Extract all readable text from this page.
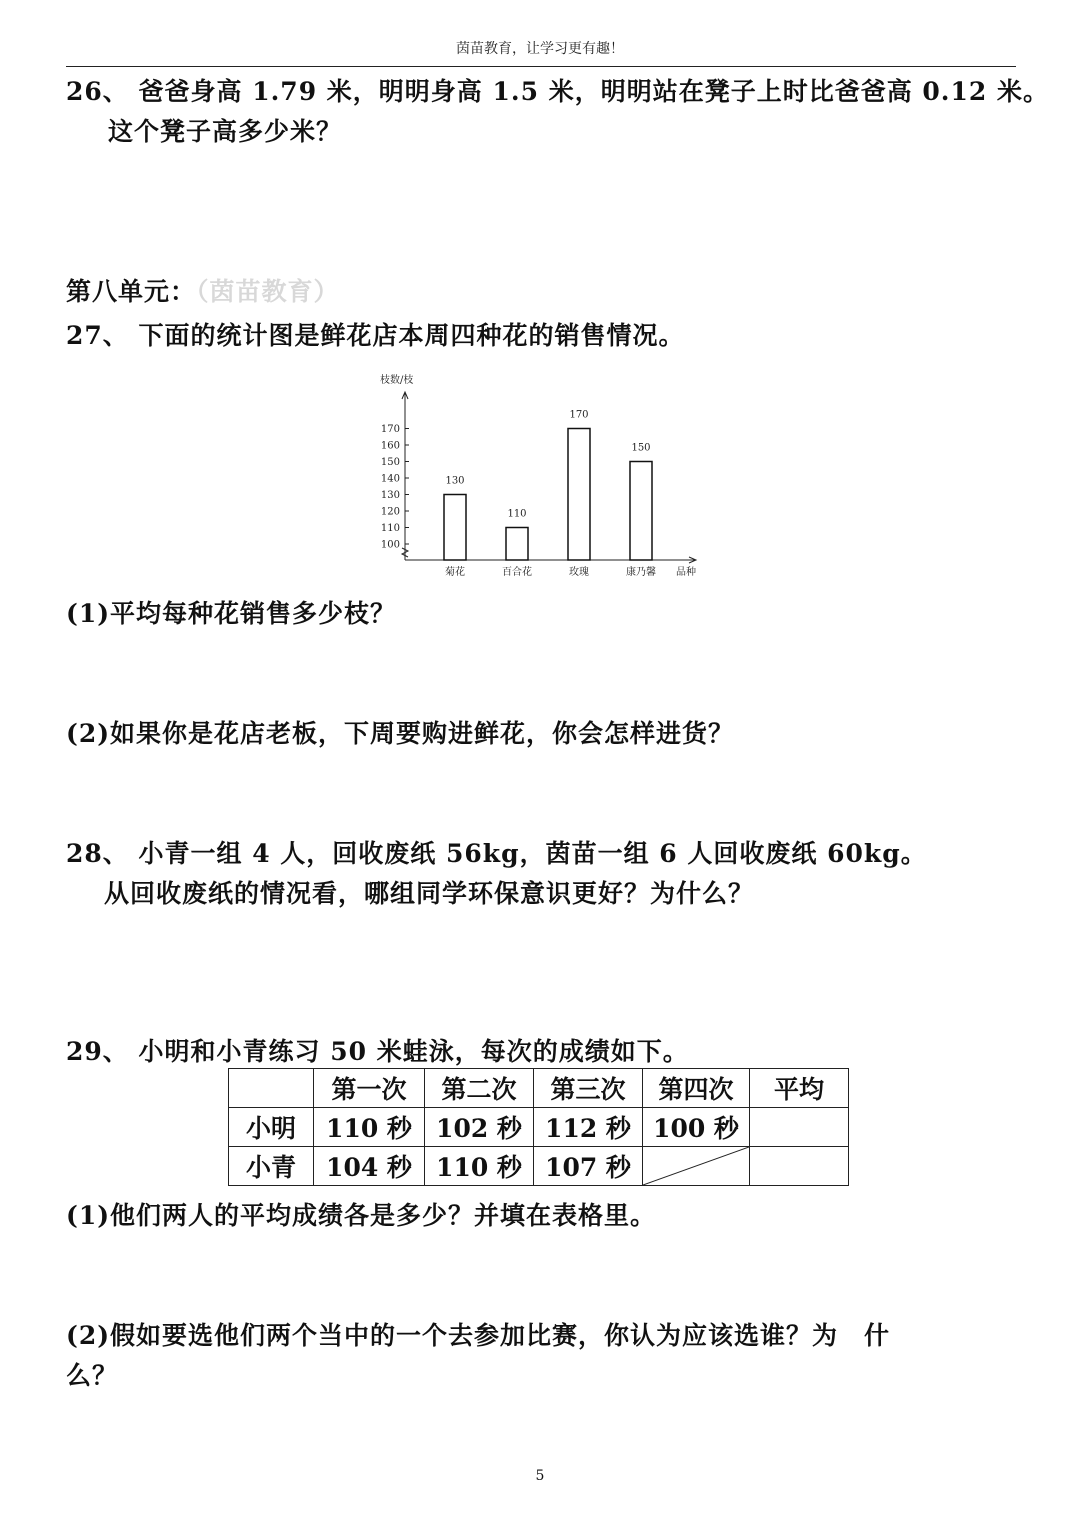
茵苗教育，让学习更有趣！
26、 爸爸身高 1.79 米，明明身高 1.5 米，明明站在凳子上时比爸爸高 0.12 米。
这个凳子高多少米？
第八单元：（茵苗教育）
27、 下面的统计图是鲜花店本周四种花的销售情况。
枝数/枝
100
110
120
130
140
150
160
170
130
菊花
110
百合花
170
玫瑰
150
康乃馨 品种
(1)平均每种花销售多少枝？
(2)如果你是花店老板，下周要购进鲜花，你会怎样进货？
28、 小青一组 4 人，回收废纸 56kg，茵苗一组 6 人回收废纸 60kg。
从回收废纸的情况看，哪组同学环保意识更好？为什么？
29、 小明和小青练习 50 米蛙泳，每次的成绩如下。
	第一次	第二次	第三次	第四次	平均
小明	110 秒	102 秒	112 秒	100 秒	
小青	104 秒	110 秒	107 秒	

(1)他们两人的平均成绩各是多少？并填在表格里。
(2)假如要选他们两个当中的一个去参加比赛，你认为应该选谁？为　什
么？
5
